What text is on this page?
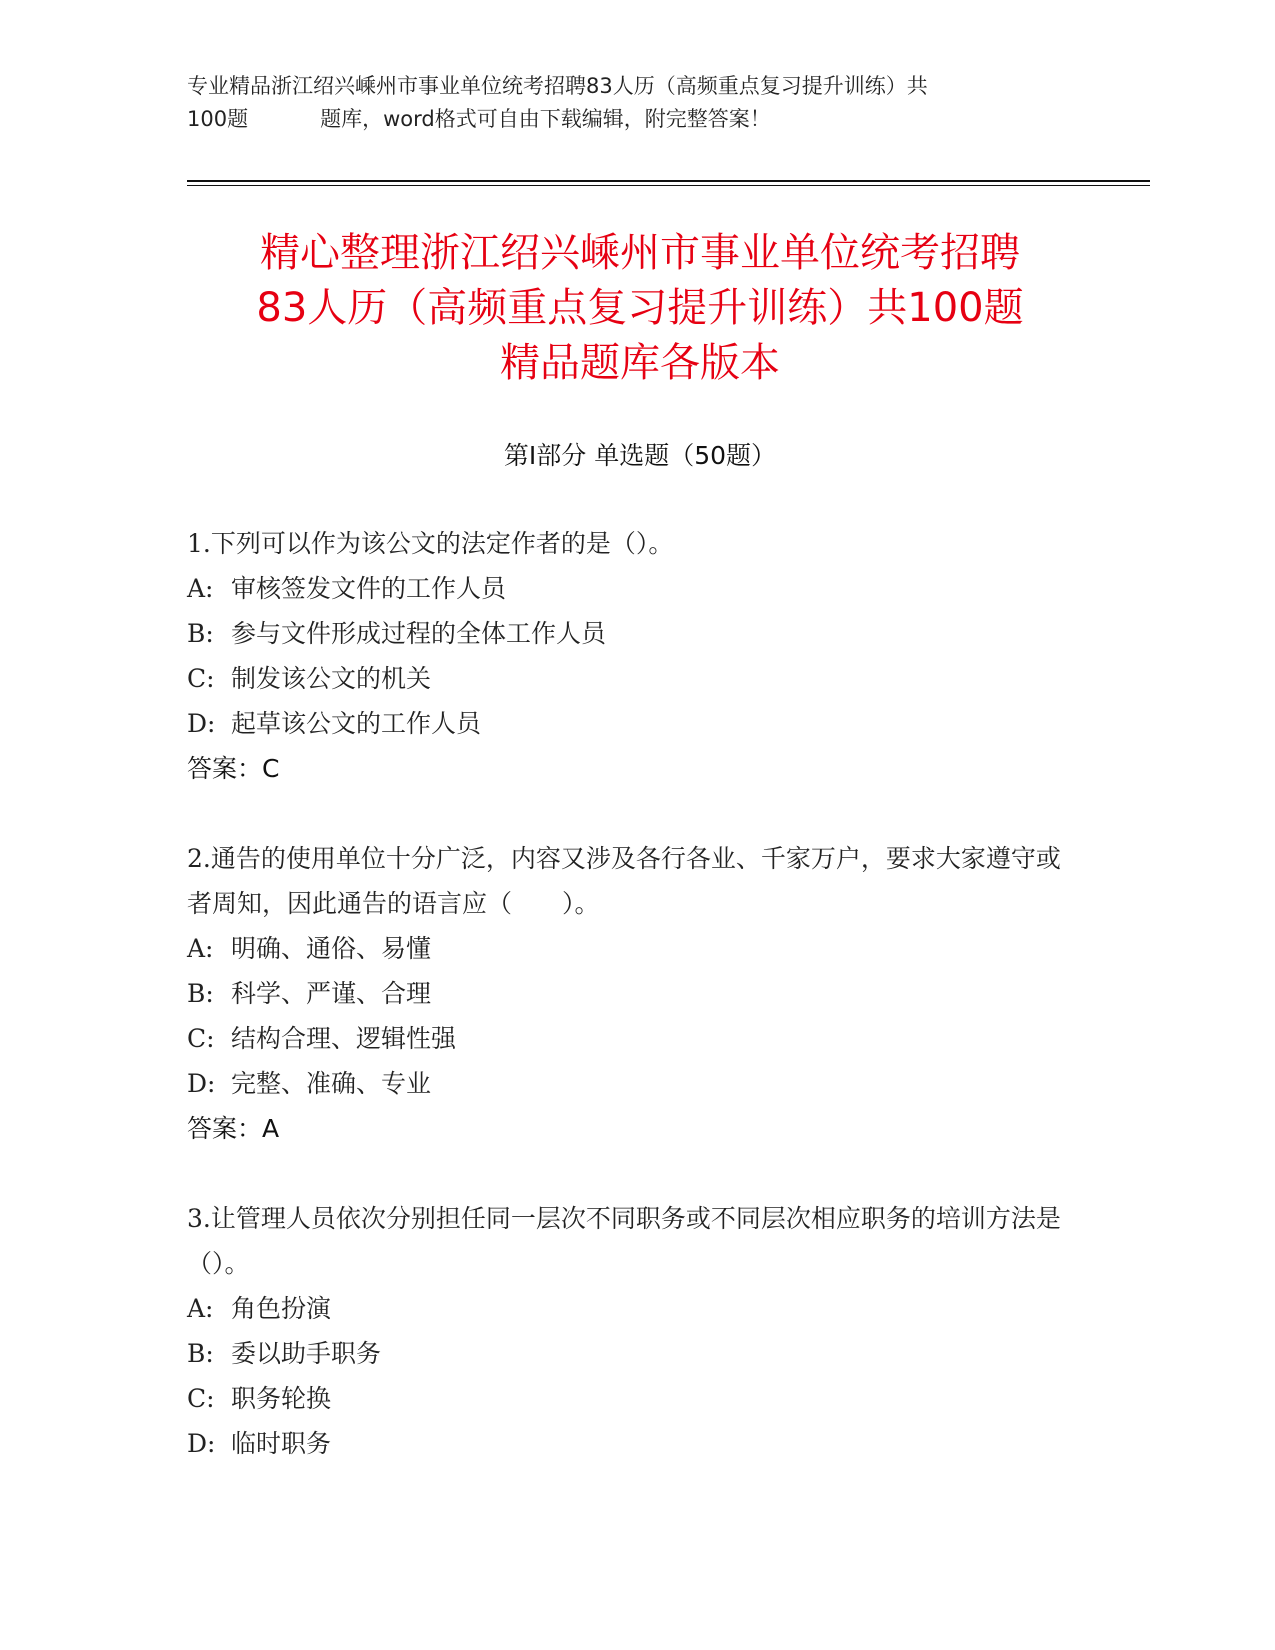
专业精品浙江绍兴嵊州市事业单位统考招聘83人历（高频重点复习提升训练）共
100题	题库，word格式可自由下载编辑，附完整答案！
精心整理浙江绍兴嵊州市事业单位统考招聘
83人历（高频重点复习提升训练）共100题
精品题库各版本
第Ⅰ部分 单选题（50题）
1.下列可以作为该公文的法定作者的是（）。
A: 审核签发文件的工作人员
B: 参与文件形成过程的全体工作人员
C: 制发该公文的机关
D: 起草该公文的工作人员
答案：C
2.通告的使用单位十分广泛，内容又涉及各行各业、千家万户，要求大家遵守或者周知，因此通告的语言应（　　）。
A: 明确、通俗、易懂
B: 科学、严谨、合理
C: 结构合理、逻辑性强
D: 完整、准确、专业
答案：A
3.让管理人员依次分别担任同一层次不同职务或不同层次相应职务的培训方法是（）。
A: 角色扮演
B: 委以助手职务
C: 职务轮换
D: 临时职务
